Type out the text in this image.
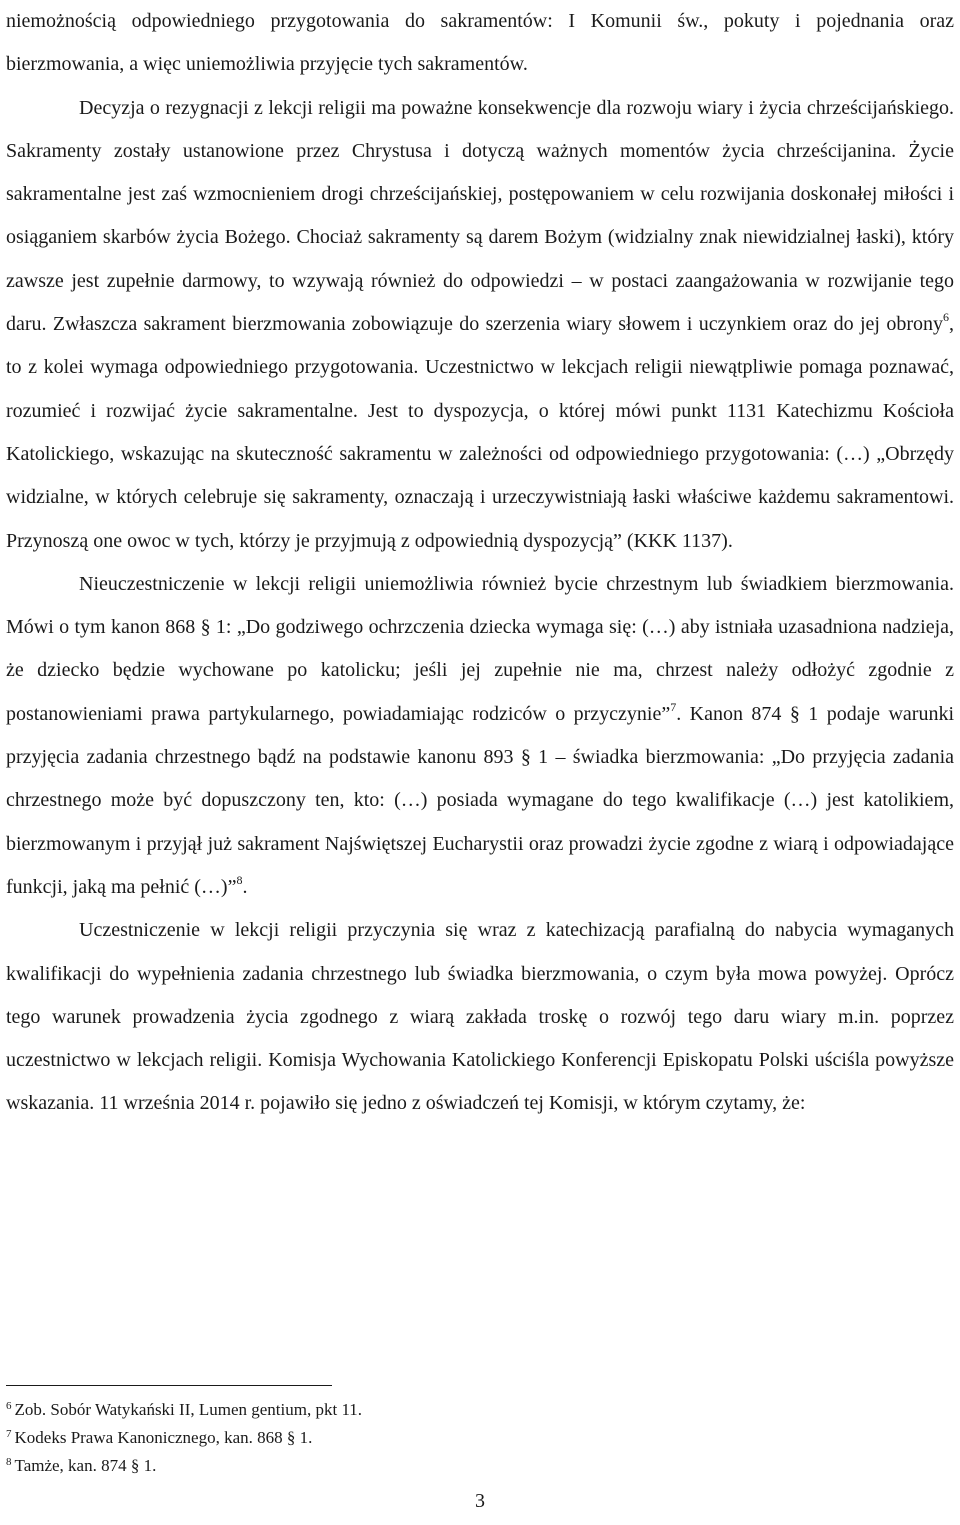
niemożnością odpowiedniego przygotowania do sakramentów: I Komunii św., pokuty i pojednania oraz bierzmowania, a więc uniemożliwia przyjęcie tych sakramentów.

Decyzja o rezygnacji z lekcji religii ma poważne konsekwencje dla rozwoju wiary i życia chrześcijańskiego. Sakramenty zostały ustanowione przez Chrystusa i dotyczą ważnych momentów życia chrześcijanina. Życie sakramentalne jest zaś wzmocnieniem drogi chrześcijańskiej, postępowaniem w celu rozwijania doskonałej miłości i osiąganiem skarbów życia Bożego. Chociaż sakramenty są darem Bożym (widzialny znak niewidzialnej łaski), który zawsze jest zupełnie darmowy, to wzywają również do odpowiedzi – w postaci zaangażowania w rozwijanie tego daru. Zwłaszcza sakrament bierzmowania zobowiązuje do szerzenia wiary słowem i uczynkiem oraz do jej obrony$^6$, to z kolei wymaga odpowiedniego przygotowania. Uczestnictwo w lekcjach religii niewątpliwie pomaga poznawać, rozumieć i rozwijać życie sakramentalne. Jest to dyspozycja, o której mówi punkt 1131 Katechizmu Kościoła Katolickiego, wskazując na skuteczność sakramentu w zależności od odpowiedniego przygotowania: (…) „Obrzędy widzialne, w których celebruje się sakramenty, oznaczają i urzeczywistniają łaski właściwe każdemu sakramentowi. Przynoszą one owoc w tych, którzy je przyjmują z odpowiednią dyspozycją” (KKK 1137).

Nieuczestniczenie w lekcji religii uniemożliwia również bycie chrzestnym lub świadkiem bierzmowania. Mówi o tym kanon 868 § 1: „Do godziwego ochrzczenia dziecka wymaga się: (…) aby istniała uzasadniona nadzieja, że dziecko będzie wychowane po katolicku; jeśli jej zupełnie nie ma, chrzest należy odłożyć zgodnie z postanowieniami prawa partykularnego, powiadamiając rodziców o przyczynie”$^7$. Kanon 874 § 1 podaje warunki przyjęcia zadania chrzestnego bądź na podstawie kanonu 893 § 1 – świadka bierzmowania: „Do przyjęcia zadania chrzestnego może być dopuszczony ten, kto: (…) posiada wymagane do tego kwalifikacje (…) jest katolikiem, bierzmowanym i przyjął już sakrament Najświętszej Eucharystii oraz prowadzi życie zgodne z wiarą i odpowiadające funkcji, jaką ma pełnić (…)”$^8$.

Uczestniczenie w lekcji religii przyczynia się wraz z katechizacją parafialną do nabycia wymaganych kwalifikacji do wypełnienia zadania chrzestnego lub świadka bierzmowania, o czym była mowa powyżej. Oprócz tego warunek prowadzenia życia zgodnego z wiarą zakłada troskę o rozwój tego daru wiary m.in. poprzez uczestnictwo w lekcjach religii. Komisja Wychowania Katolickiego Konferencji Episkopatu Polski uściśla powyższe wskazania. 11 września 2014 r. pojawiło się jedno z oświadczeń tej Komisji, w którym czytamy, że:

$^6$ Zob. Sobór Watykański II, Lumen gentium, pkt 11.

$^7$ Kodeks Prawa Kanonicznego, kan. 868 § 1.

$^8$ Tamże, kan. 874 § 1.

3
